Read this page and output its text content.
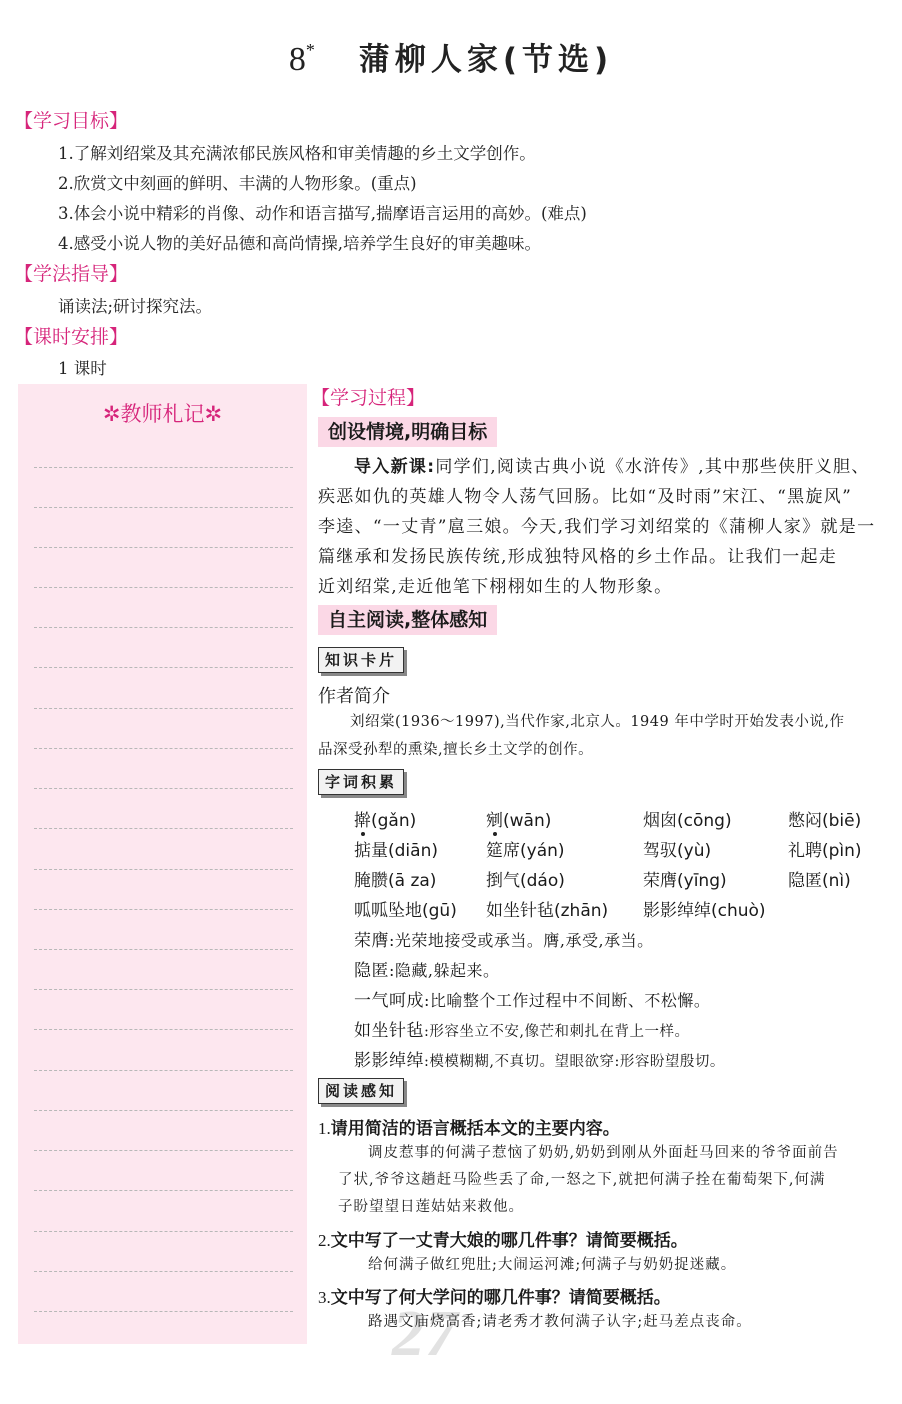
8* 蒲柳人家(节选)
【学习目标】
1.了解刘绍棠及其充满浓郁民族风格和审美情趣的乡土文学创作。
2.欣赏文中刻画的鲜明、丰满的人物形象。(重点)
3.体会小说中精彩的肖像、动作和语言描写,揣摩语言运用的高妙。(难点)
4.感受小说人物的美好品德和高尚情操,培养学生良好的审美趣味。
【学法指导】
诵读法;研讨探究法。
【课时安排】
1 课时
✲教师札记✲
【学习过程】
创设情境,明确目标
导入新课:同学们,阅读古典小说《水浒传》,其中那些侠肝义胆、
疾恶如仇的英雄人物令人荡气回肠。比如“及时雨”宋江、“黑旋风”
李逵、“一丈青”扈三娘。今天,我们学习刘绍棠的《蒲柳人家》就是一
篇继承和发扬民族传统,形成独特风格的乡土作品。让我们一起走
近刘绍棠,走近他笔下栩栩如生的人物形象。
自主阅读,整体感知
知识卡片
作者简介
刘绍棠(1936～1997),当代作家,北京人。1949 年中学时开始发表小说,作
品深受孙犁的熏染,擅长乡土文学的创作。
字词积累
擀(gǎn)	剜(wān)	烟囱(cōng)	憋闷(biē)
掂量(diān)	筵席(yán)	驾驭(yù)	礼聘(pìn)
腌臜(ā za)	捯气(dáo)	荣膺(yīng)	隐匿(nì)
呱呱坠地(gū) 如坐针毡(zhān) 影影绰绰(chuò)
荣膺:光荣地接受或承当。膺,承受,承当。
隐匿:隐藏,躲起来。
一气呵成:比喻整个工作过程中不间断、不松懈。
如坐针毡:形容坐立不安,像芒和刺扎在背上一样。
影影绰绰:模模糊糊,不真切。望眼欲穿:形容盼望殷切。
阅读感知
1.请用简洁的语言概括本文的主要内容。
调皮惹事的何满子惹恼了奶奶,奶奶到刚从外面赶马回来的爷爷面前告
了状,爷爷这趟赶马险些丢了命,一怒之下,就把何满子拴在葡萄架下,何满
子盼望望日莲姑姑来救他。
2.文中写了一丈青大娘的哪几件事？请简要概括。
给何满子做红兜肚;大闹运河滩;何满子与奶奶捉迷藏。
27
3.文中写了何大学问的哪几件事？请简要概括。
路遇文庙烧高香;请老秀才教何满子认字;赶马差点丧命。
